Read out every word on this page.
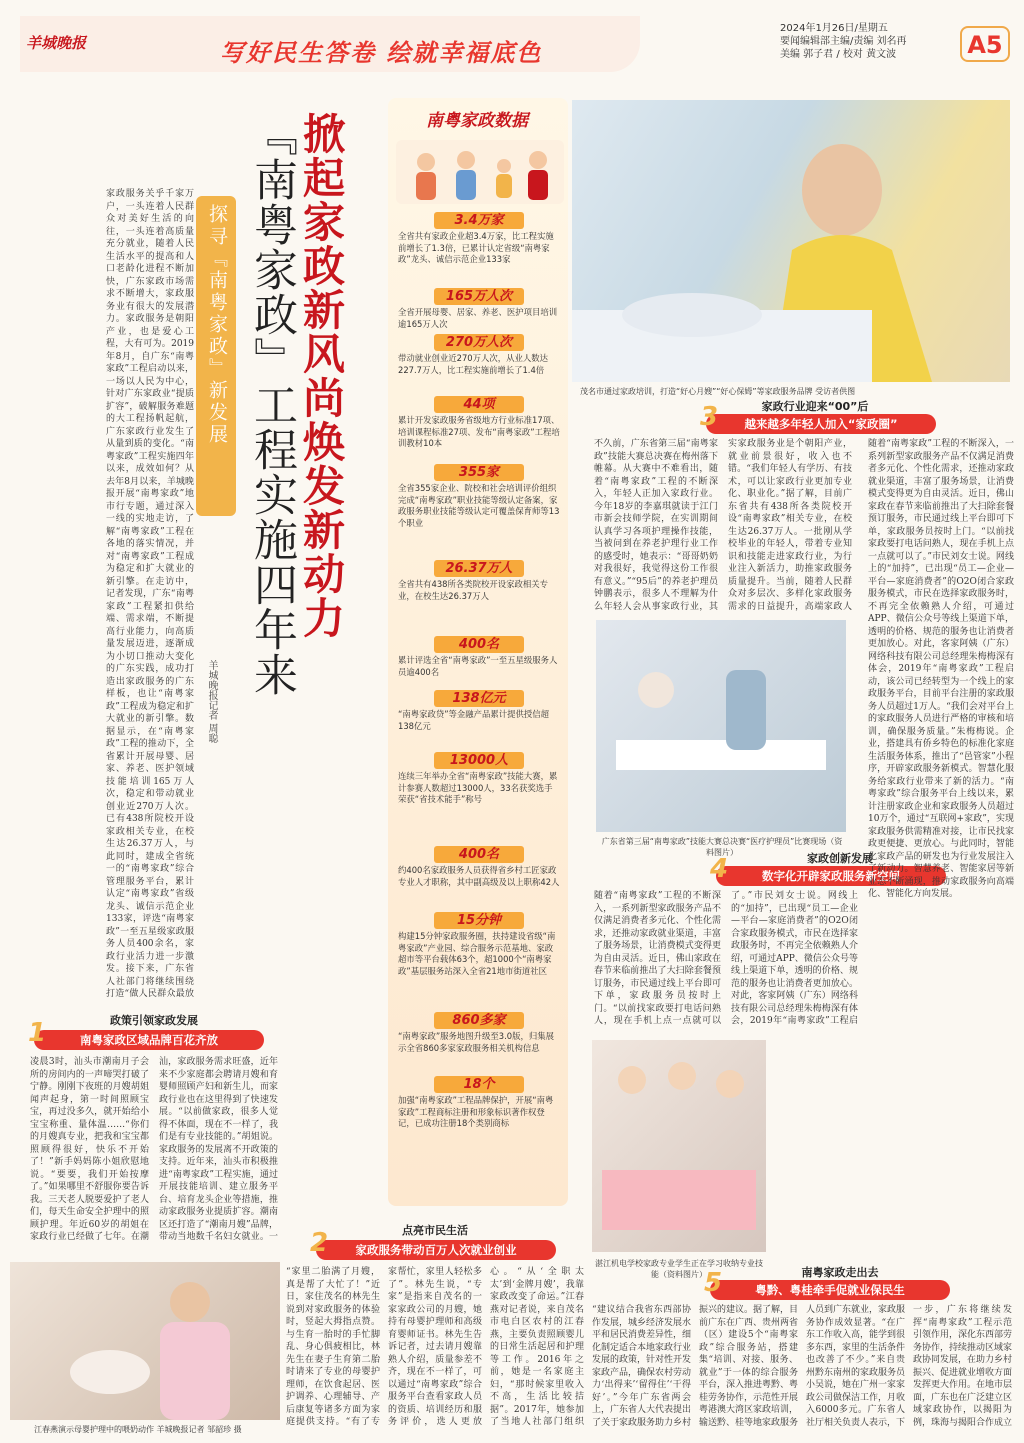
羊城晚报	写好民生答卷 绘就幸福底色
2024年1月26日/星期五
要闻编辑部主编/责编 刘名再
美编 郭子君 / 校对 黄文波	A5
家政服务关乎千家万户，一头连着人民群众对美好生活的向往，一头连着高质量充分就业，随着人民生活水平的提高和人口老龄化进程不断加快，广东家政市场需求不断增大，家政服务业有很大的发展潜力。家政服务是朝阳产业，也是爱心工程，大有可为。2019年8月，自广东“南粤家政”工程启动以来，一场以人民为中心，针对广东家政业“提质扩容”，破解服务难题的大工程扬帆起航，广东家政行业发生了从量到质的变化。“南粤家政”工程实施四年以来，成效如何？从去年8月以来，羊城晚报开展“南粤家政”地市行专题，通过深入一线的实地走访，了解“南粤家政”工程在各地的落实情况，并对“南粤家政”工程成为稳定和扩大就业的新引擎。在走访中，记者发现，广东“南粤家政”工程紧扣供给端、需求端，不断提高行业能力，向高质量发展迈进，逐渐成为小切口推动大变化的广东实践，成功打造出家政服务的广东样板，也让“南粤家政”工程成为稳定和扩大就业的新引擎。数据显示，在“南粤家政”工程的推动下，全省累计开展母婴、居家、养老、医护领域技能培训165万人次，稳定和带动就业创业近270万人次。已有438所院校开设家政相关专业，在校生达26.37万人，与此同时，建成全省统一的“南粤家政”综合管理服务平台，累计认定“南粤家政”省级龙头、诚信示范企业133家，评选“南粤家政”一至五星级家政服务人员400余名，家政行业活力进一步激发。接下来，广东省人社部门将继续围绕打造“做人民群众最放
探寻『南粤家政』新发展 『南粤家政』工程实施四年来 掀起家政新风尚焕发新动力
羊城晚报记者 周聪
南粤家政数据
3.4万家
全省共有家政企业超3.4万家，比工程实施前增长了1.3倍，已累计认定省级“南粤家政”龙头、诚信示范企业133家
165万人次
全省开展母婴、居家、养老、医护项目培训逾165万人次
270万人次
带动就业创业近270万人次，从业人数达227.7万人，比工程实施前增长了1.4倍
44项
累计开发家政服务省级地方行业标准17项、培训课程标准27项、发布“南粤家政”工程培训教材10本
355家
全省355家企业、院校和社会培训评价组织完成“南粤家政”职业技能等级认定备案，家政服务职业技能等级认定可覆盖保育师等13个职业
26.37万人
全省共有438所各类院校开设家政相关专业，在校生达26.37万人
400名
累计评选全省“南粤家政”一至五星级服务人员逾400名
138亿元
“南粤家政贷”等金融产品累计提供授信超138亿元
13000人
连续三年举办全省“南粤家政”技能大赛，累计参赛人数超过13000人，33名获奖选手荣获“省技术能手”称号
400名
约400名家政服务人员获得省乡村工匠家政专业人才职称，其中副高级及以上职称42人
15分钟
构建15分钟家政服务圈，扶持建设省级“南粤家政”产业园、综合服务示范基地、家政超市等平台载体63个，超1000个“南粤家政”基层服务站深入全省21地市街道社区
860多家
“南粤家政”服务地图升级至3.0版，归集展示全省860多家家政服务相关机构信息
18个
加强“南粤家政”工程品牌保护，开展“南粤家政”工程商标注册和形象标识著作权登记，已成功注册18个类别商标
茂名市通过家政培训，打造“好心月嫂”“好心保姆”等家政服务品牌 受访者供图
广东省第三届“南粤家政”技能大赛总决赛“医疗护理员”比赛现场（资料图片）
湛江机电学校家政专业学生正在学习收纳专业技能（资料图片）
江春燕演示母婴护理中的喂奶动作 羊城晚报记者 邹韶珍 摄
政策引领家政发展
1	南粤家政区域品牌百花齐放
凌晨3时，汕头市潮南月子会所的房间内的一声啼哭打破了宁静。刚刚下夜班的月嫂胡姐闻声起身，第一时间照顾宝宝，再过没多久，就开始给小宝宝称重、量体温……“你们的月嫂真专业，把我和宝宝都照顾得很好，快乐不开始了！”新手妈妈陈小姐欣慰地说。“要要，我们开始按摩了。”如果哪里不舒服你要告诉我。三天老人脱要爱护了老人们，每天生命安全护理中的照顾护理。年近60岁的胡姐在家政行业已经做了七年。在潮汕，家政服务需求旺盛，近年来不少家庭都会聘请月嫂和育婴师照顾产妇和新生儿，而家政行业也在这里得到了快速发展。“以前做家政，很多人觉得不体面，现在不一样了，我们是有专业技能的。”胡姐说。家政服务的发展离不开政策的支持。近年来，汕头市积极推进“南粤家政”工程实施，通过开展技能培训、建立服务平台、培育龙头企业等措施，推动家政服务业提质扩容。潮南区还打造了“潮南月嫂”品牌，带动当地数千名妇女就业。一	点亮市民生活
2 家政服务带动百万人次就业创业
“家里二胎满了月嫂，真是帮了大忙了！”近日，家住茂名的林先生说到对家政服务的体验时，竖起大拇指点赞。与生育一胎时的手忙脚乱、身心俱疲相比，林先生在妻子生育第二胎时请来了专业的母婴护理师，在饮食起居、医护调养、心理辅导、产后康复等诸多方面为家庭提供支持。“有了专家帮忙，家里人轻松多了”。林先生说，“专家”是指来自茂名的一家家政公司的月嫂，她持有母婴护理师和高级育婴师证书。林先生告诉记者，过去请月嫂靠熟人介绍，质量参差不齐，现在不一样了，可以通过“南粤家政”综合服务平台查看家政人员的资质、培训经历和服务评价，选人更放心。“从‘全职太太’到‘金牌月嫂’，我靠家政改变了命运。”江春燕对记者说，来自茂名市电白区农村的江春燕，主要负责照顾婴儿的日常生活起居和护理等工作。2016年之前，她是一名家庭主妇，“那时候家里收入不高，生活比较拮据”。2017年，她参加了当地人社部门组织
家政行业迎来“00”后
3 越来越多年轻人加入“家政圈”
不久前，广东省第三届“南粤家政”技能大赛总决赛在梅州落下帷幕。从大赛中不难看出，随着“南粤家政”工程的不断深入，年轻人正加入家政行业。今年18岁的李嘉琪就读于江门市新会技师学院，在实训期间认真学习各项护理操作技能，当被问到在养老护理行业工作的感受时，她表示：“哥哥奶奶对我很好，我觉得这份工作很有意义。”“95后”的养老护理员钟鹏表示，很多人不理解为什么年轻人会从事家政行业，其实家政服务业是个朝阳产业，就业前景很好，收入也不错。“我们年轻人有学历、有技术，可以让家政行业更加专业化、职业化。”据了解，目前广东省共有438所各类院校开设“南粤家政”相关专业，在校生达26.37万人。一批刚从学校毕业的年轻人，带着专业知识和技能走进家政行业，为行业注入新活力，助推家政服务质量提升。当前，随着人民群众对多层次、多样化家政服务需求的日益提升，高端家政人
家政创新发展
4	数字化开辟家政服务新空间
随着“南粤家政”工程的不断深入，一系列新型家政服务产品不仅满足消费者多元化、个性化需求，还推动家政就业渠道，丰富了服务场景，让消费模式变得更为自由灵活。近日，佛山家政在春节来临前推出了大扫除套餐预订服务，市民通过线上平台即可下单，家政服务员按时上门。“以前找家政要打电话问熟人，现在手机上点一点就可以了。”市民刘女士说。网线上的“加持”，已出现“员工—企业—平台—家庭消费者”的O2O闭合家政服务模式，市民在选择家政服务时，不再完全依赖熟人介绍，可通过APP、微信公众号等线上渠道下单，透明的价格、规范的服务也让消费者更加放心。对此，客家阿姨（广东）网络科技有限公司总经理朱梅梅深有体会，2019年“南粤家政”工程启
随着“南粤家政”工程的不断深入，一系列新型家政服务产品不仅满足消费者多元化、个性化需求，还推动家政就业渠道，丰富了服务场景，让消费模式变得更为自由灵活。近日，佛山家政在春节来临前推出了大扫除套餐预订服务，市民通过线上平台即可下单，家政服务员按时上门。“以前找家政要打电话问熟人，现在手机上点一点就可以了。”市民刘女士说。网线上的“加持”，已出现“员工—企业—平台—家庭消费者”的O2O闭合家政服务模式，市民在选择家政服务时，不再完全依赖熟人介绍，可通过APP、微信公众号等线上渠道下单，透明的价格、规范的服务也让消费者更加放心。对此，客家阿姨（广东）网络科技有限公司总经理朱梅梅深有体会，2019年“南粤家政”工程启动，该公司已经转型为一个线上的家政服务平台，目前平台注册的家政服务人员超过1万人。“我们会对平台上的家政服务人员进行严格的审核和培训，确保服务质量。”朱梅梅说。企业，搭建具有侨乡特色的标准化家庭生活服务体系，推出了“邑管家”小程序，开辟家政服务新模式。智慧化服务给家政行业带来了新的活力。“南粤家政”综合服务平台上线以来，累计注册家政企业和家政服务人员超过10万个，通过“互联网+家政”，实现家政服务供需精准对接，让市民找家政更便捷、更放心。与此同时，智能化家政产品的研发也为行业发展注入了新动力。智慧养老、智能家居等新业态不断涌现，推动家政服务向高端化、智能化方向发展。
南粤家政走出去
5	粤黔、粤桂牵手促就业保民生
“建议结合我省东西部协作发展，城乡经济发展水平和居民消费差异性，细化制定适合本地家政行业发展的政策，针对性开发家政产品，确保农村劳动力‘出得来’‘留得住’‘干得好’。”今年广东省两会上，广东省人大代表提出了关于家政服务助力乡村振兴的建议。据了解，目前广东在广西、贵州两省（区）建设5个“南粤家政”综合服务站，搭建集“培训、对接、服务、就业”于一体的综合服务平台，深入推进粤黔、粤桂劳务协作，示范性开展粤港澳大湾区家政培训，输送黔、桂等地家政服务人员到广东就业，家政服务协作成效显著。“在广东工作收入高，能学到很多东西，家里的生活条件也改善了不少。”来自贵州黔东南州的家政服务员小吴说，她在广州一家家政公司做保洁工作，月收入6000多元。广东省人社厅相关负责人表示，下一步，广东将继续发挥“南粤家政”工程示范引领作用，深化东西部劳务协作，持续推动区域家政协同发展，在助力乡村振兴、促进就业增收方面发挥更大作用。在地市层面，广东也在广泛建立区域家政协作，以揭阳为例，珠海与揭阳合作成立
